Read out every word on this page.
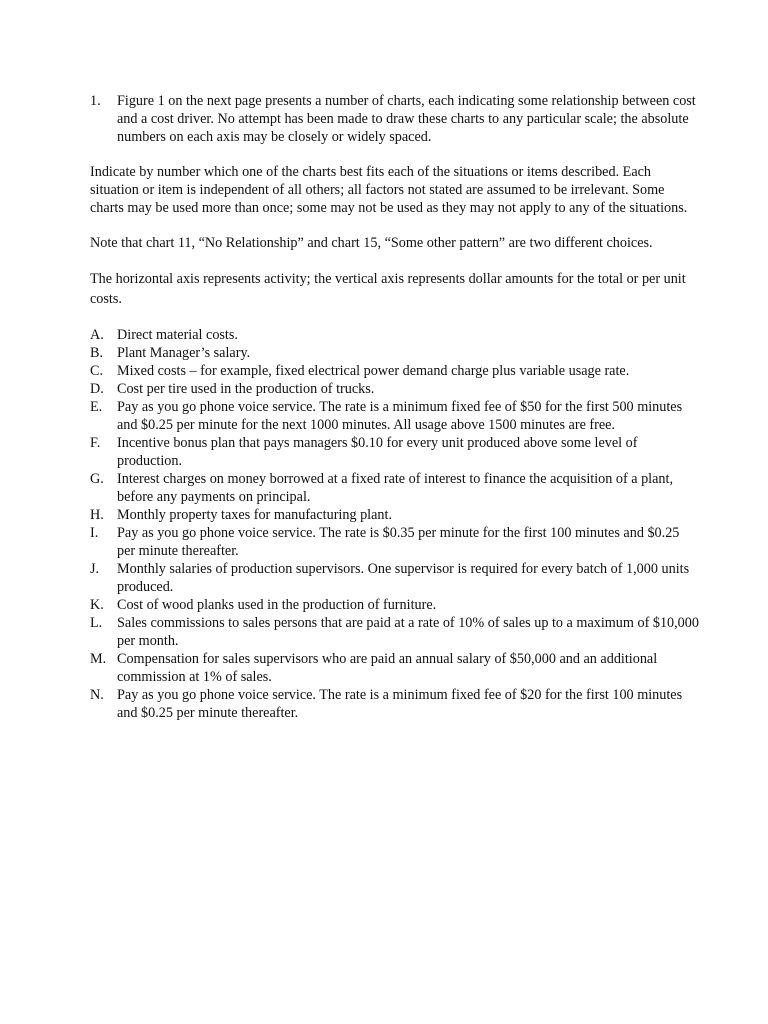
1.	Figure 1 on the next page presents a number of charts, each indicating some relationship between cost and a cost driver. No attempt has been made to draw these charts to any particular scale; the absolute numbers on each axis may be closely or widely spaced.

Indicate by number which one of the charts best fits each of the situations or items described. Each situation or item is independent of all others; all factors not stated are assumed to be irrelevant. Some charts may be used more than once; some may not be used as they may not apply to any of the situations.

Note that chart 11, “No Relationship” and chart 15, “Some other pattern” are two different choices.

The horizontal axis represents activity; the vertical axis represents dollar amounts for the total or per unit costs.

A. Direct material costs.
B. Plant Manager’s salary.
C. Mixed costs – for example, fixed electrical power demand charge plus variable usage rate.
D. Cost per tire used in the production of trucks.
E.	Pay as you go phone voice service. The rate is a minimum fixed fee of $50 for the first 500 minutes and $0.25 per minute for the next 1000 minutes. All usage above 1500 minutes are free.
F.	Incentive bonus plan that pays managers $0.10 for every unit produced above some level of production.
G. Interest charges on money borrowed at a fixed rate of interest to finance the acquisition of a plant, before any payments on principal.
H. Monthly property taxes for manufacturing plant.
I.	Pay as you go phone voice service. The rate is $0.35 per minute for the first 100 minutes and $0.25 per minute thereafter.
J.	Monthly salaries of production supervisors. One supervisor is required for every batch of 1,000 units produced.
K. Cost of wood planks used in the production of furniture.
L.	Sales commissions to sales persons that are paid at a rate of 10% of sales up to a maximum of $10,000 per month.
M. Compensation for sales supervisors who are paid an annual salary of $50,000 and an additional commission at 1% of sales.
N. Pay as you go phone voice service. The rate is a minimum fixed fee of $20 for the first 100 minutes and $0.25 per minute thereafter.
